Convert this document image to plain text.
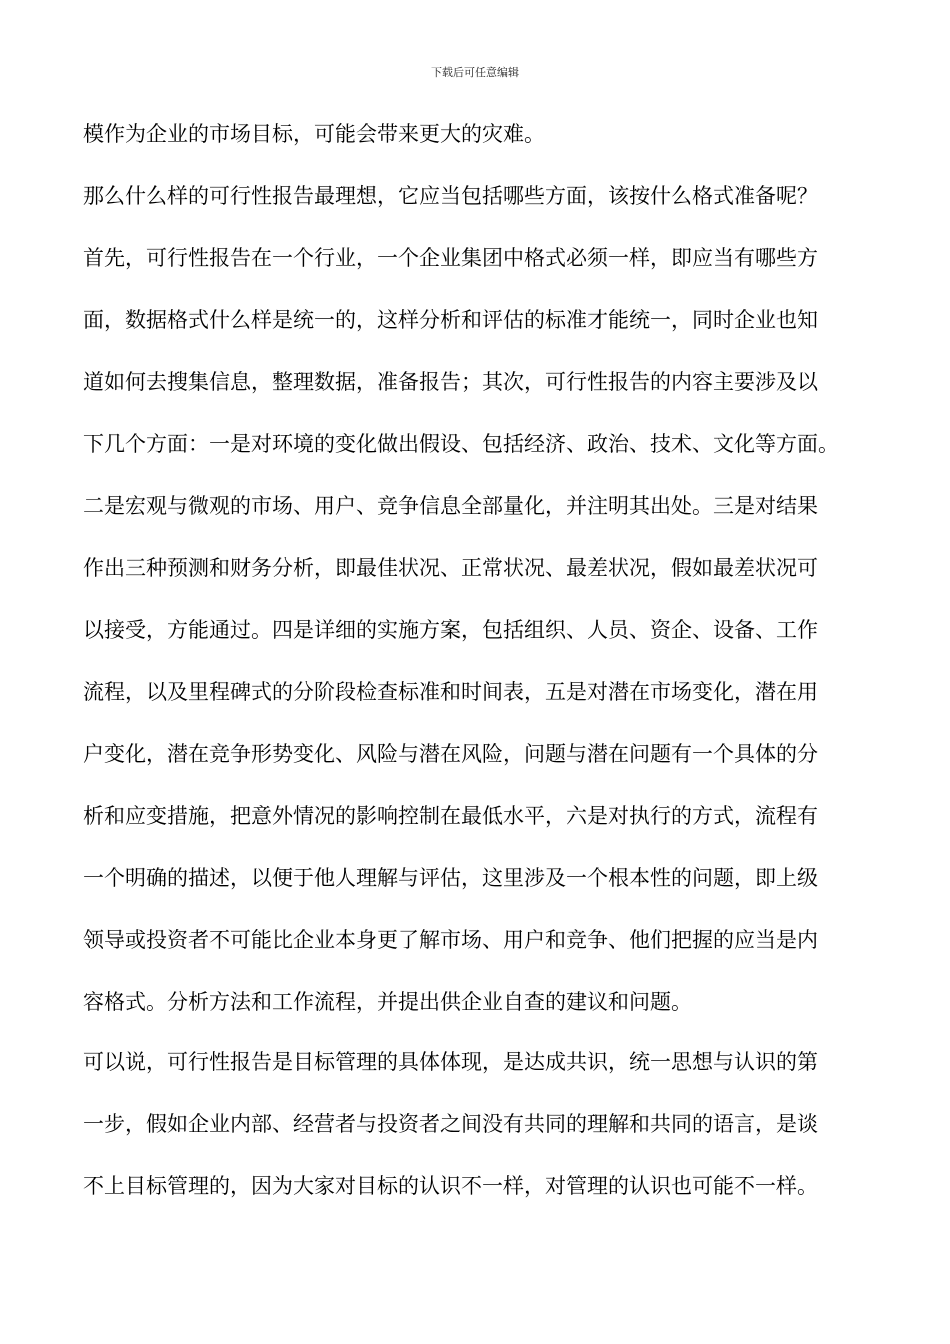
下载后可任意编辑
模作为企业的市场目标，可能会带来更大的灾难。
那么什么样的可行性报告最理想，它应当包括哪些方面，该按什么格式准备呢？
首先，可行性报告在一个行业，一个企业集团中格式必须一样，即应当有哪些方
面，数据格式什么样是统一的，这样分析和评估的标准才能统一，同时企业也知
道如何去搜集信息，整理数据，准备报告；其次，可行性报告的内容主要涉及以
下几个方面：一是对环境的变化做出假设、包括经济、政治、技术、文化等方面。
二是宏观与微观的市场、用户、竞争信息全部量化，并注明其出处。三是对结果
作出三种预测和财务分析，即最佳状况、正常状况、最差状况，假如最差状况可
以接受，方能通过。四是详细的实施方案，包括组织、人员、资企、设备、工作
流程，以及里程碑式的分阶段检查标准和时间表，五是对潜在市场变化，潜在用
户变化，潜在竞争形势变化、风险与潜在风险，问题与潜在问题有一个具体的分
析和应变措施，把意外情况的影响控制在最低水平，六是对执行的方式，流程有
一个明确的描述，以便于他人理解与评估，这里涉及一个根本性的问题，即上级
领导或投资者不可能比企业本身更了解市场、用户和竞争、他们把握的应当是内
容格式。分析方法和工作流程，并提出供企业自查的建议和问题。
可以说，可行性报告是目标管理的具体体现，是达成共识，统一思想与认识的第
一步，假如企业内部、经营者与投资者之间没有共同的理解和共同的语言，是谈
不上目标管理的，因为大家对目标的认识不一样，对管理的认识也可能不一样。
